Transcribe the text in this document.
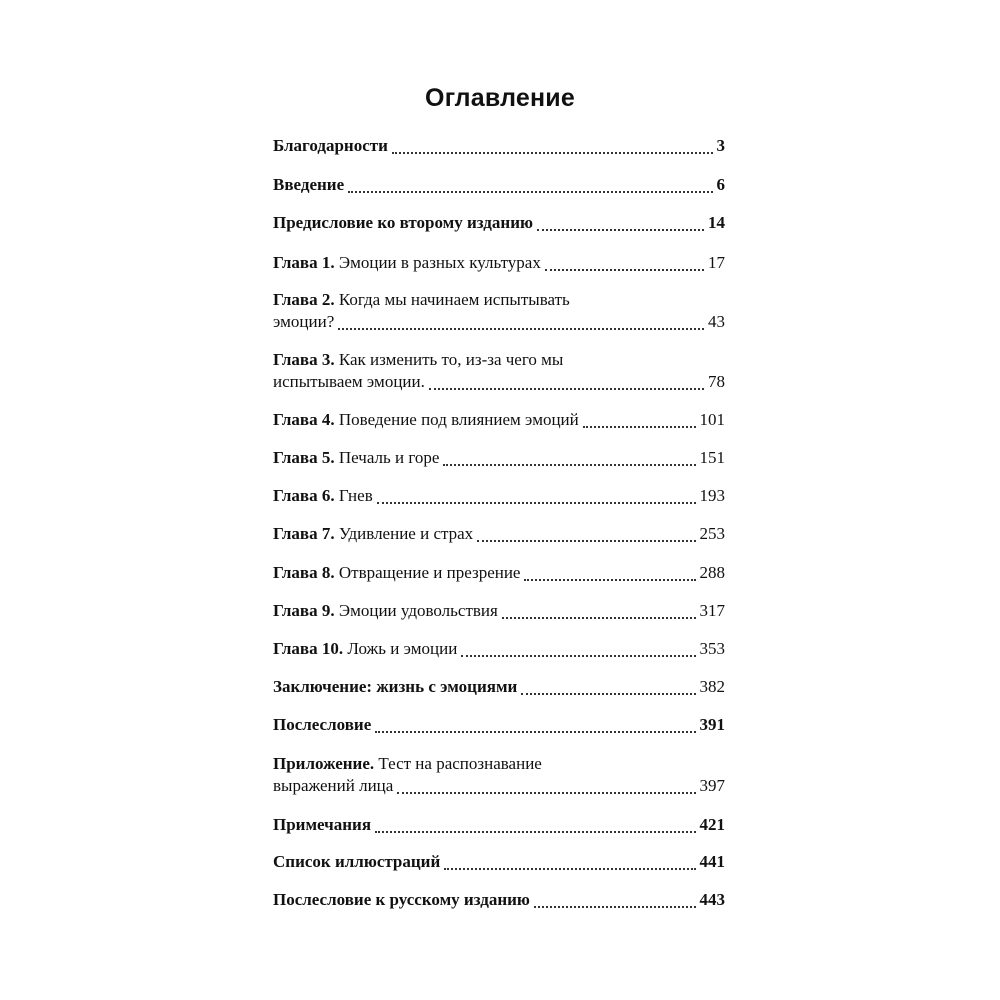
Оглавление
Благодарности	3
Введение	6
Предисловие ко второму изданию	14
Глава 1. Эмоции в разных культурах	17
Глава 2. Когда мы начинаем испытывать
эмоции?	43
Глава 3. Как изменить то, из-за чего мы
испытываем эмоции.	78
Глава 4. Поведение под влиянием эмоций	101
Глава 5. Печаль и горе	151
Глава 6. Гнев	193
Глава 7. Удивление и страх	253
Глава 8. Отвращение и презрение	288
Глава 9. Эмоции удовольствия	317
Глава 10. Ложь и эмоции	353
Заключение: жизнь с эмоциями	382
Послесловие	391
Приложение. Тест на распознавание
выражений лица	397
Примечания	421
Список иллюстраций	441
Послесловие к русскому изданию	443
